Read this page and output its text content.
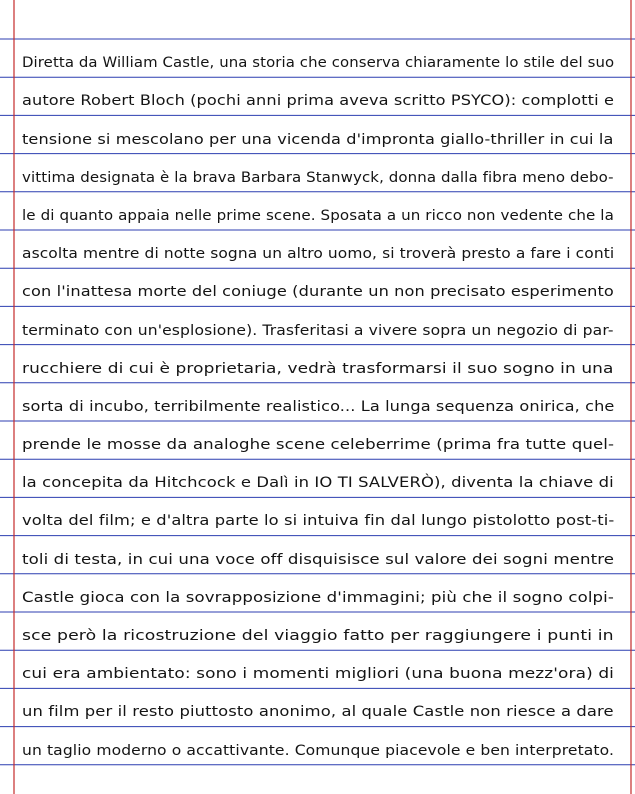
Diretta da William Castle, una storia che conserva chiaramente lo stile del suo
autore Robert Bloch (pochi anni prima aveva scritto PSYCO): complotti e
tensione si mescolano per una vicenda d'impronta giallo-thriller in cui la
vittima designata è la brava Barbara Stanwyck, donna dalla fibra meno debo-
le di quanto appaia nelle prime scene. Sposata a un ricco non vedente che la
ascolta mentre di notte sogna un altro uomo, si troverà presto a fare i conti
con l'inattesa morte del coniuge (durante un non precisato esperimento
terminato con un'esplosione). Trasferitasi a vivere sopra un negozio di par-
rucchiere di cui è proprietaria, vedrà trasformarsi il suo sogno in una
sorta di incubo, terribilmente realistico... La lunga sequenza onirica, che
prende le mosse da analoghe scene celeberrime (prima fra tutte quel-
la concepita da Hitchcock e Dalì in IO TI SALVERÒ), diventa la chiave di
volta del film; e d'altra parte lo si intuiva fin dal lungo pistolotto post-ti-
toli di testa, in cui una voce off disquisisce sul valore dei sogni mentre
Castle gioca con la sovrapposizione d'immagini; più che il sogno colpi-
sce però la ricostruzione del viaggio fatto per raggiungere i punti in
cui era ambientato: sono i momenti migliori (una buona mezz'ora) di
un film per il resto piuttosto anonimo, al quale Castle non riesce a dare
un taglio moderno o accattivante. Comunque piacevole e ben interpretato.
